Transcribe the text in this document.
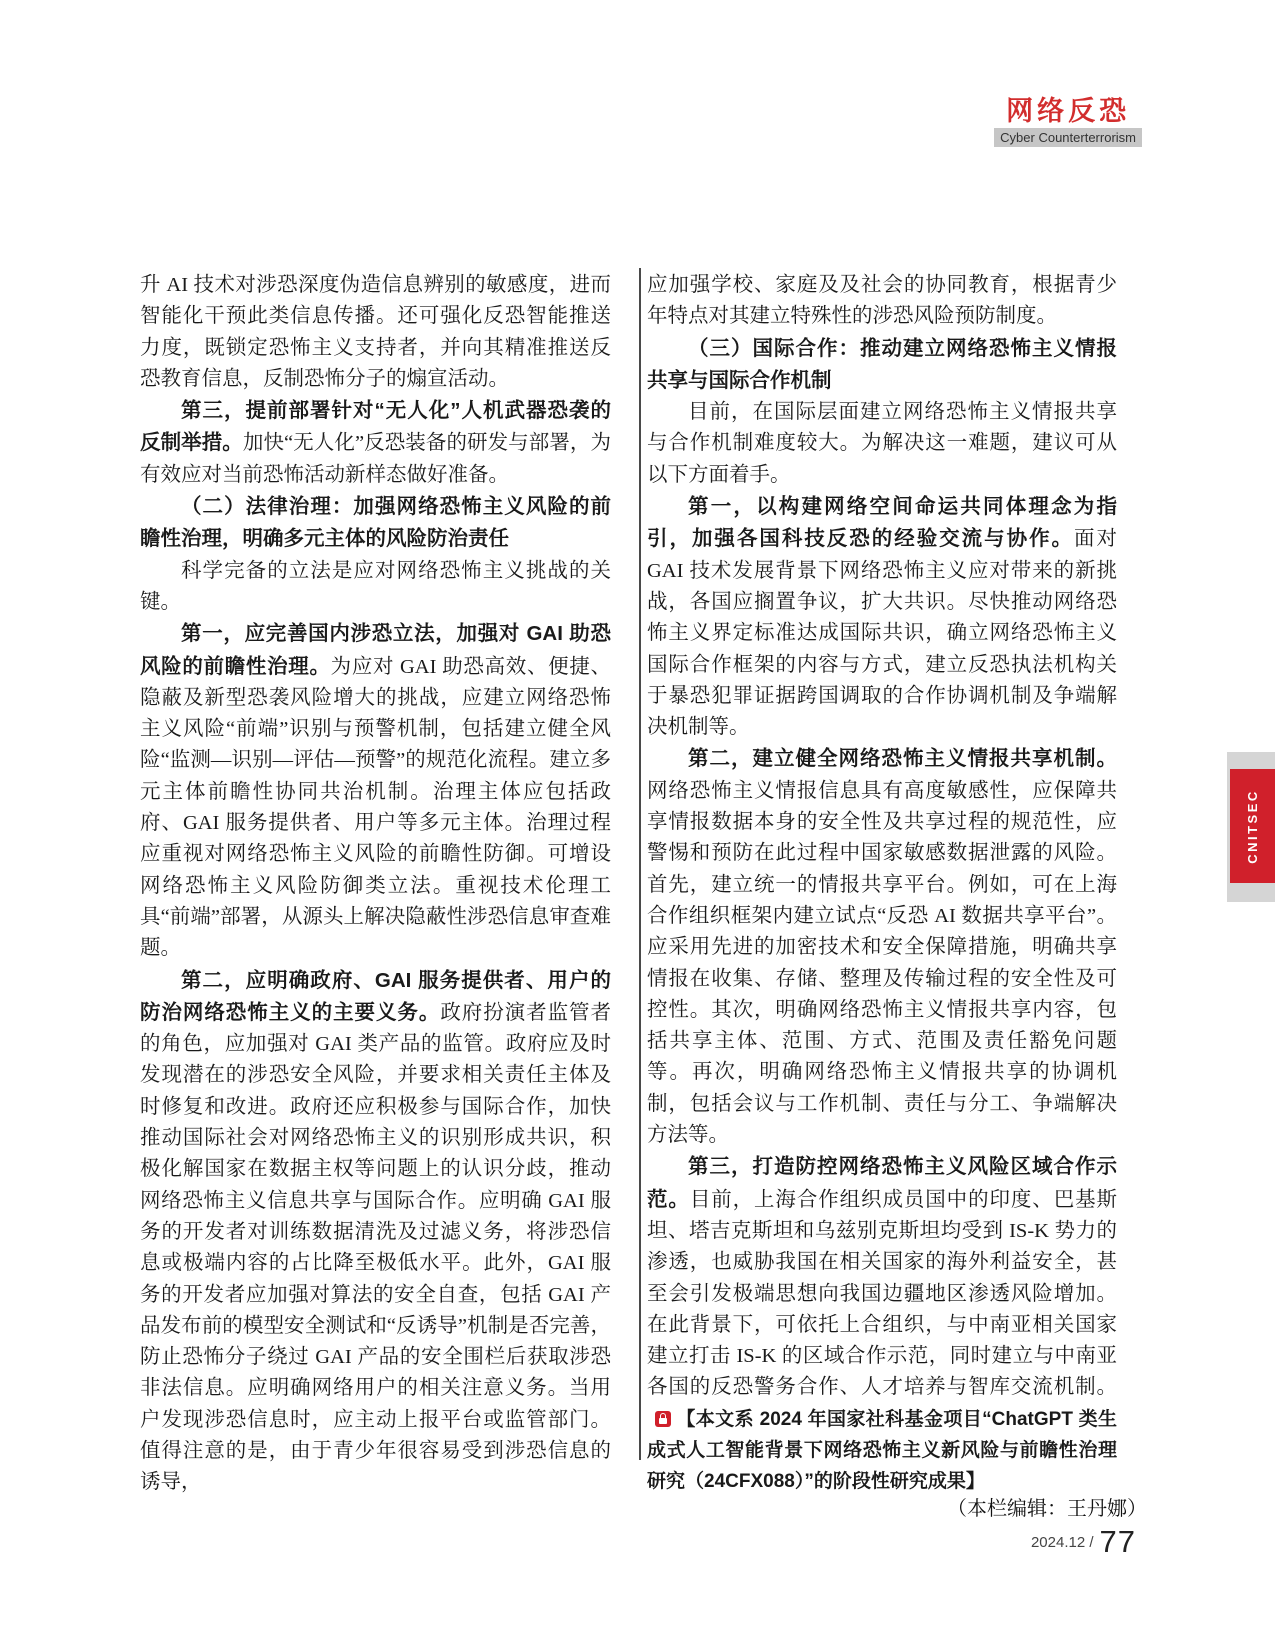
网络反恐
Cyber Counterterrorism

升 AI 技术对涉恐深度伪造信息辨别的敏感度，进而智能化干预此类信息传播。还可强化反恐智能推送力度，既锁定恐怖主义支持者，并向其精准推送反恐教育信息，反制恐怖分子的煽宣活动。

第三，提前部署针对“无人化”人机武器恐袭的反制举措。加快“无人化”反恐装备的研发与部署，为有效应对当前恐怖活动新样态做好准备。

（二）法律治理：加强网络恐怖主义风险的前瞻性治理，明确多元主体的风险防治责任

科学完备的立法是应对网络恐怖主义挑战的关键。

第一，应完善国内涉恐立法，加强对 GAI 助恐风险的前瞻性治理。为应对 GAI 助恐高效、便捷、隐蔽及新型恐袭风险增大的挑战，应建立网络恐怖主义风险“前端”识别与预警机制，包括建立健全风险“监测—识别—评估—预警”的规范化流程。建立多元主体前瞻性协同共治机制。治理主体应包括政府、GAI 服务提供者、用户等多元主体。治理过程应重视对网络恐怖主义风险的前瞻性防御。可增设网络恐怖主义风险防御类立法。重视技术伦理工具“前端”部署，从源头上解决隐蔽性涉恐信息审查难题。

第二，应明确政府、GAI 服务提供者、用户的防治网络恐怖主义的主要义务。政府扮演者监管者的角色，应加强对 GAI 类产品的监管。政府应及时发现潜在的涉恐安全风险，并要求相关责任主体及时修复和改进。政府还应积极参与国际合作，加快推动国际社会对网络恐怖主义的识别形成共识，积极化解国家在数据主权等问题上的认识分歧，推动网络恐怖主义信息共享与国际合作。应明确 GAI 服务的开发者对训练数据清洗及过滤义务，将涉恐信息或极端内容的占比降至极低水平。此外，GAI 服务的开发者应加强对算法的安全自查，包括 GAI 产品发布前的模型安全测试和“反诱导”机制是否完善，防止恐怖分子绕过 GAI 产品的安全围栏后获取涉恐非法信息。应明确网络用户的相关注意义务。当用户发现涉恐信息时，应主动上报平台或监管部门。值得注意的是，由于青少年很容易受到涉恐信息的诱导，

应加强学校、家庭及及社会的协同教育，根据青少年特点对其建立特殊性的涉恐风险预防制度。

（三）国际合作：推动建立网络恐怖主义情报共享与国际合作机制

目前，在国际层面建立网络恐怖主义情报共享与合作机制难度较大。为解决这一难题，建议可从以下方面着手。

第一，以构建网络空间命运共同体理念为指引，加强各国科技反恐的经验交流与协作。面对 GAI 技术发展背景下网络恐怖主义应对带来的新挑战，各国应搁置争议，扩大共识。尽快推动网络恐怖主义界定标准达成国际共识，确立网络恐怖主义国际合作框架的内容与方式，建立反恐执法机构关于暴恐犯罪证据跨国调取的合作协调机制及争端解决机制等。

第二，建立健全网络恐怖主义情报共享机制。网络恐怖主义情报信息具有高度敏感性，应保障共享情报数据本身的安全性及共享过程的规范性，应警惕和预防在此过程中国家敏感数据泄露的风险。首先，建立统一的情报共享平台。例如，可在上海合作组织框架内建立试点“反恐 AI 数据共享平台”。应采用先进的加密技术和安全保障措施，明确共享情报在收集、存储、整理及传输过程的安全性及可控性。其次，明确网络恐怖主义情报共享内容，包括共享主体、范围、方式、范围及责任豁免问题等。再次，明确网络恐怖主义情报共享的协调机制，包括会议与工作机制、责任与分工、争端解决方法等。

第三，打造防控网络恐怖主义风险区域合作示范。目前，上海合作组织成员国中的印度、巴基斯坦、塔吉克斯坦和乌兹别克斯坦均受到 IS-K 势力的渗透，也威胁我国在相关国家的海外利益安全，甚至会引发极端思想向我国边疆地区渗透风险增加。在此背景下，可依托上合组织，与中南亚相关国家建立打击 IS-K 的区域合作示范，同时建立与中南亚各国的反恐警务合作、人才培养与智库交流机制。【本文系 2024 年国家社科基金项目“ChatGPT 类生成式人工智能背景下网络恐怖主义新风险与前瞻性治理研究（24CFX088）”的阶段性研究成果】

CNITSEC
（本栏编辑：王丹娜）
2024.12 / 77
